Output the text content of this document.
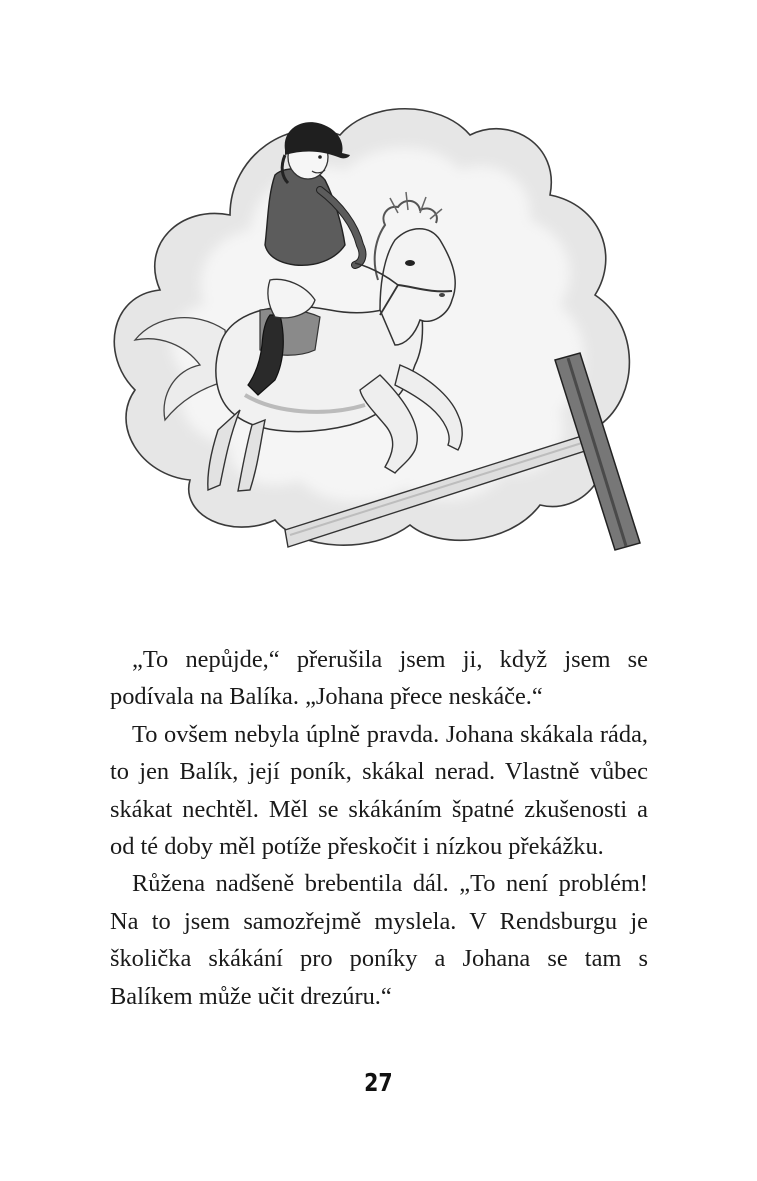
„To nepůjde,“ přerušila jsem ji, když jsem se podívala na Balíka. „Johana přece neskáče.“

To ovšem nebyla úplně pravda. Johana skákala ráda, to jen Balík, její poník, skákal nerad. Vlastně vůbec skákat nechtěl. Měl se skákáním špatné zkušenosti a od té doby měl potíže přeskočit i nízkou překážku.

Růžena nadšeně brebentila dál. „To není problém! Na to jsem samozřejmě myslela. V Rendsburgu je školička skákání pro poníky a Johana se tam s Balíkem může učit drezúru.“

27
